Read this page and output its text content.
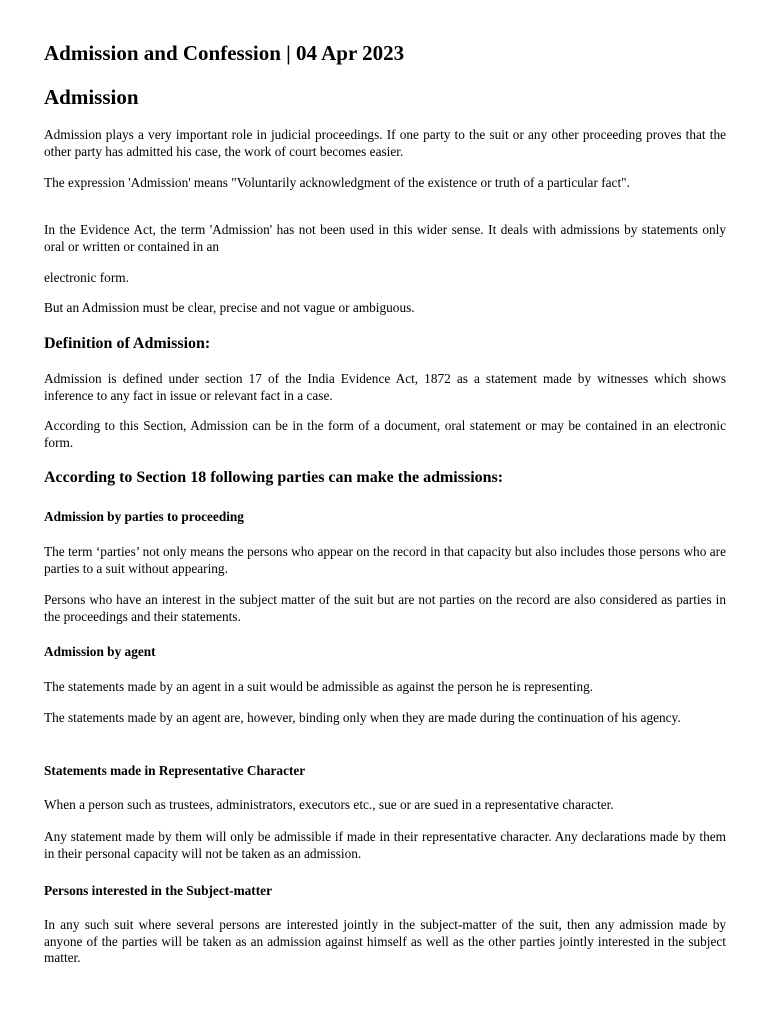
Admission and Confession | 04 Apr 2023
Admission

Admission plays a very important role in judicial proceedings. If one party to the suit or any other proceeding proves that the other party has admitted his case, the work of court becomes easier.

The expression 'Admission' means "Voluntarily acknowledgment of the existence or truth of a particular fact".

In the Evidence Act, the term 'Admission' has not been used in this wider sense. It deals with admissions by statements only oral or written or contained in an

electronic form.

But an Admission must be clear, precise and not vague or ambiguous.

Definition of Admission:

Admission is defined under section 17 of the India Evidence Act, 1872 as a statement made by witnesses which shows inference to any fact in issue or relevant fact in a case.

According to this Section, Admission can be in the form of a document, oral statement or may be contained in an electronic form.

According to Section 18 following parties can make the admissions:
Admission by parties to proceeding

The term ‘parties’ not only means the persons who appear on the record in that capacity but also includes those persons who are parties to a suit without appearing.

Persons who have an interest in the subject matter of the suit but are not parties on the record are also considered as parties in the proceedings and their statements.

Admission by agent

The statements made by an agent in a suit would be admissible as against the person he is representing.

The statements made by an agent are, however, binding only when they are made during the continuation of his agency.

Statements made in Representative Character

When a person such as trustees, administrators, executors etc., sue or are sued in a representative character.

Any statement made by them will only be admissible if made in their representative character. Any declarations made by them in their personal capacity will not be taken as an admission.

Persons interested in the Subject-matter

In any such suit where several persons are interested jointly in the subject-matter of the suit, then any admission made by anyone of the parties will be taken as an admission against himself as well as the other parties jointly interested in the subject matter.
